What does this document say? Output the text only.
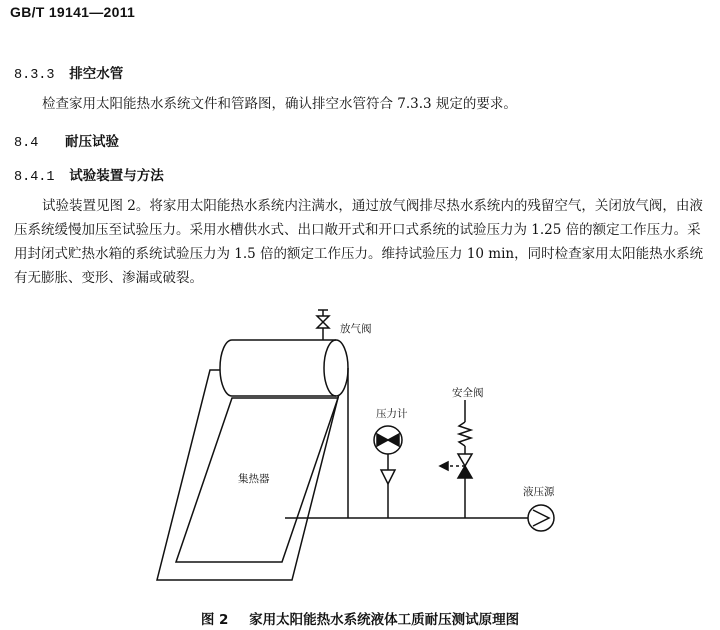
GB/T 19141—2011
8.3.3 排空水管
检查家用太阳能热水系统文件和管路图，确认排空水管符合 7.3.3 规定的要求。
8.4 耐压试验
8.4.1 试验装置与方法
试验装置见图 2。将家用太阳能热水系统内注满水，通过放气阀排尽热水系统内的残留空气，关闭放气阀，由液压系统缓慢加压至试验压力。采用水槽供水式、出口敞开式和开口式系统的试验压力为 1.25 倍的额定工作压力。采用封闭式贮热水箱的系统试验压力为 1.5 倍的额定工作压力。维持试验压力 10 min，同时检查家用太阳能热水系统有无膨胀、变形、渗漏或破裂。
放气阀
压力计
安全阀
集热器
液压源
图 2 家用太阳能热水系统液体工质耐压测试原理图
